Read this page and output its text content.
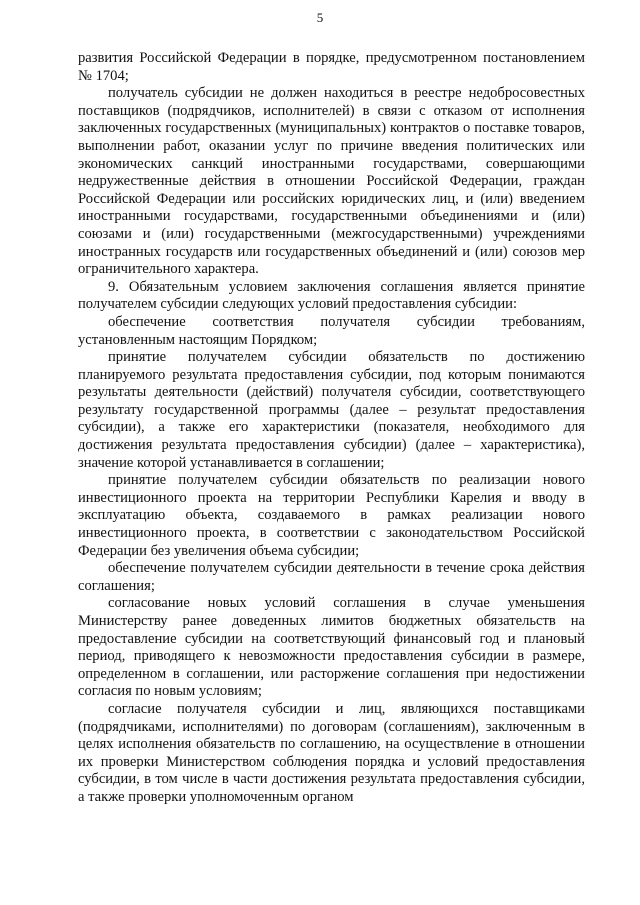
5

развития Российской Федерации в порядке, предусмотренном постановлением № 1704;

получатель субсидии не должен находиться в реестре недобросовестных поставщиков (подрядчиков, исполнителей) в связи с отказом от исполнения заключенных государственных (муниципальных) контрактов о поставке товаров, выполнении работ, оказании услуг по причине введения политических или экономических санкций иностранными государствами, совершающими недружественные действия в отношении Российской Федерации, граждан Российской Федерации или российских юридических лиц, и (или) введением иностранными государствами, государственными объединениями и (или) союзами и (или) государственными (межгосударственными) учреждениями иностранных государств или государственных объединений и (или) союзов мер ограничительного характера.

9. Обязательным условием заключения соглашения является принятие получателем субсидии следующих условий предоставления субсидии:

обеспечение соответствия получателя субсидии требованиям, установленным настоящим Порядком;

принятие получателем субсидии обязательств по достижению планируемого результата предоставления субсидии, под которым понимаются результаты деятельности (действий) получателя субсидии, соответствующего результату государственной программы (далее – результат предоставления субсидии), а также его характеристики (показателя, необходимого для достижения результата предоставления субсидии) (далее – характеристика), значение которой устанавливается в соглашении;

принятие получателем субсидии обязательств по реализации нового инвестиционного проекта на территории Республики Карелия и вводу в эксплуатацию объекта, создаваемого в рамках реализации нового инвестиционного проекта, в соответствии с законодательством Российской Федерации без увеличения объема субсидии;

обеспечение получателем субсидии деятельности в течение срока действия соглашения;

согласование новых условий соглашения в случае уменьшения Министерству ранее доведенных лимитов бюджетных обязательств на предоставление субсидии на соответствующий финансовый год и плановый период, приводящего к невозможности предоставления субсидии в размере, определенном в соглашении, или расторжение соглашения при недостижении согласия по новым условиям;

согласие получателя субсидии и лиц, являющихся поставщиками (подрядчиками, исполнителями) по договорам (соглашениям), заключенным в целях исполнения обязательств по соглашению, на осуществление в отношении их проверки Министерством соблюдения порядка и условий предоставления субсидии, в том числе в части достижения результата предоставления субсидии, а также проверки уполномоченным органом
